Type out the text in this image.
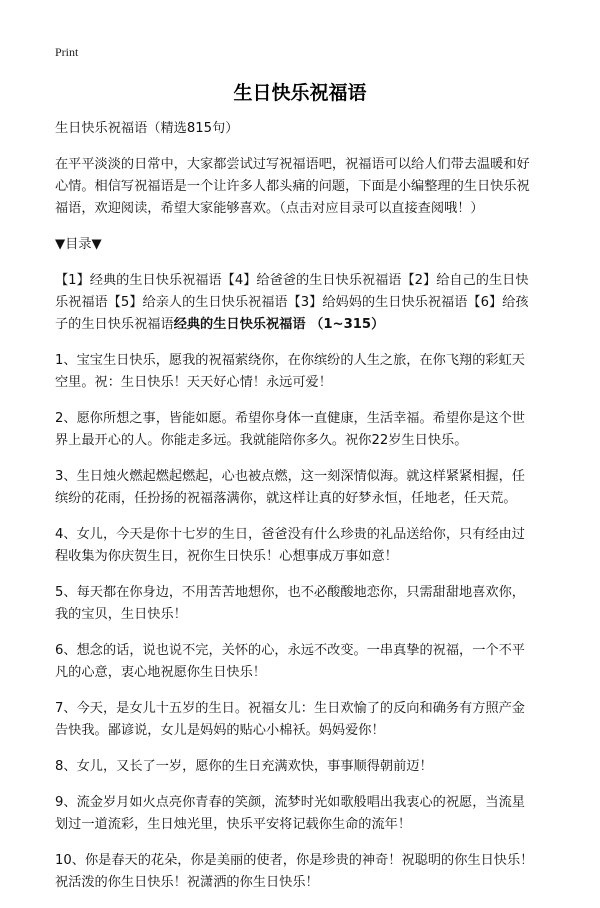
Print
生日快乐祝福语
生日快乐祝福语（精选815句）
在平平淡淡的日常中，大家都尝试过写祝福语吧，祝福语可以给人们带去温暖和好
心情。相信写祝福语是一个让许多人都头痛的问题，下面是小编整理的生日快乐祝
福语，欢迎阅读，希望大家能够喜欢。（点击对应目录可以直接查阅哦！）
▼目录▼
【1】经典的生日快乐祝福语【4】给爸爸的生日快乐祝福语【2】给自己的生日快
乐祝福语【5】给亲人的生日快乐祝福语【3】给妈妈的生日快乐祝福语【6】给孩
子的生日快乐祝福语经典的生日快乐祝福语 （1~315）
1、宝宝生日快乐，愿我的祝福萦绕你，在你缤纷的人生之旅，在你飞翔的彩虹天
空里。祝：生日快乐！天天好心情！永远可爱！
2、愿你所想之事，皆能如愿。希望你身体一直健康，生活幸福。希望你是这个世
界上最开心的人。你能走多远。我就能陪你多久。祝你22岁生日快乐。
3、生日烛火燃起燃起燃起，心也被点燃，这一刻深情似海。就这样紧紧相握，任
缤纷的花雨，任扮扬的祝福落满你，就这样让真的好梦永恒，任地老，任天荒。
4、女儿，今天是你十七岁的生日，爸爸没有什么珍贵的礼品送给你，只有经由过
程收集为你庆贺生日，祝你生日快乐！心想事成万事如意！
5、每天都在你身边，不用苦苦地想你，也不必酸酸地恋你，只需甜甜地喜欢你，
我的宝贝，生日快乐！
6、想念的话，说也说不完，关怀的心，永远不改变。一串真挚的祝福，一个不平
凡的心意，衷心地祝愿你生日快乐！
7、今天，是女儿十五岁的生日。祝福女儿：生日欢愉了的反向和确务有方照产金
告快我。鄙谚说，女儿是妈妈的贴心小棉袄。妈妈爱你！
8、女儿，又长了一岁，愿你的生日充满欢快，事事顺得朝前迈！
9、流金岁月如火点亮你青春的笑颜，流梦时光如歌般唱出我衷心的祝愿，当流星
划过一道流彩，生日烛光里，快乐平安将记载你生命的流年！
10、你是春天的花朵，你是美丽的使者，你是珍贵的神奇！祝聪明的你生日快乐！
祝活泼的你生日快乐！祝潇洒的你生日快乐！
